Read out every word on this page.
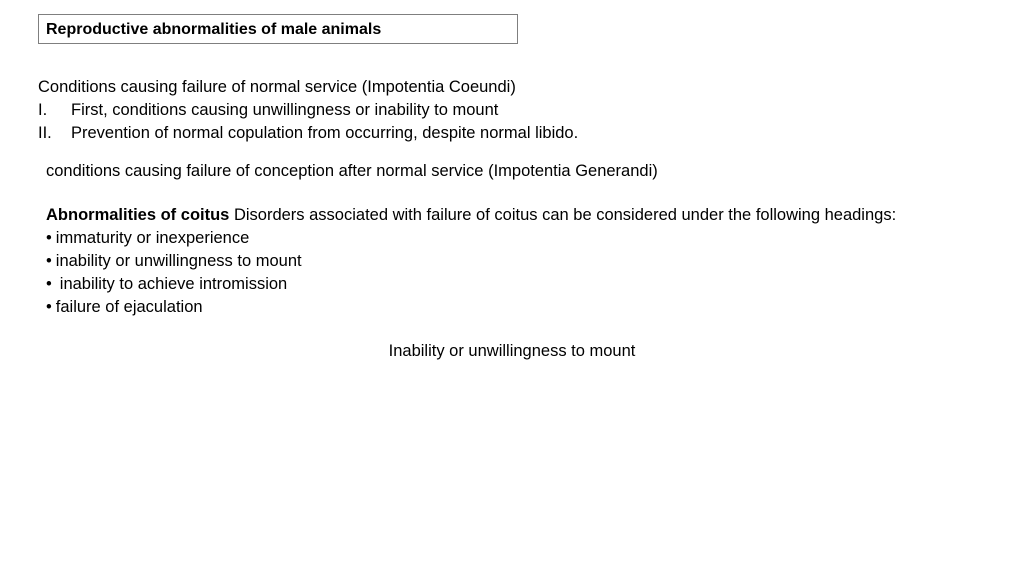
Reproductive abnormalities of male animals
Conditions causing failure of normal service (Impotentia Coeundi)
I.	First, conditions causing unwillingness or inability to mount
II.	Prevention of normal copulation from occurring, despite normal libido.
conditions causing failure of conception after normal service (Impotentia Generandi)
Abnormalities of coitus Disorders associated with failure of coitus can be considered under the following headings:
• immaturity or inexperience
• inability or unwillingness to mount
• inability to achieve intromission
• failure of ejaculation
Inability or unwillingness to mount
